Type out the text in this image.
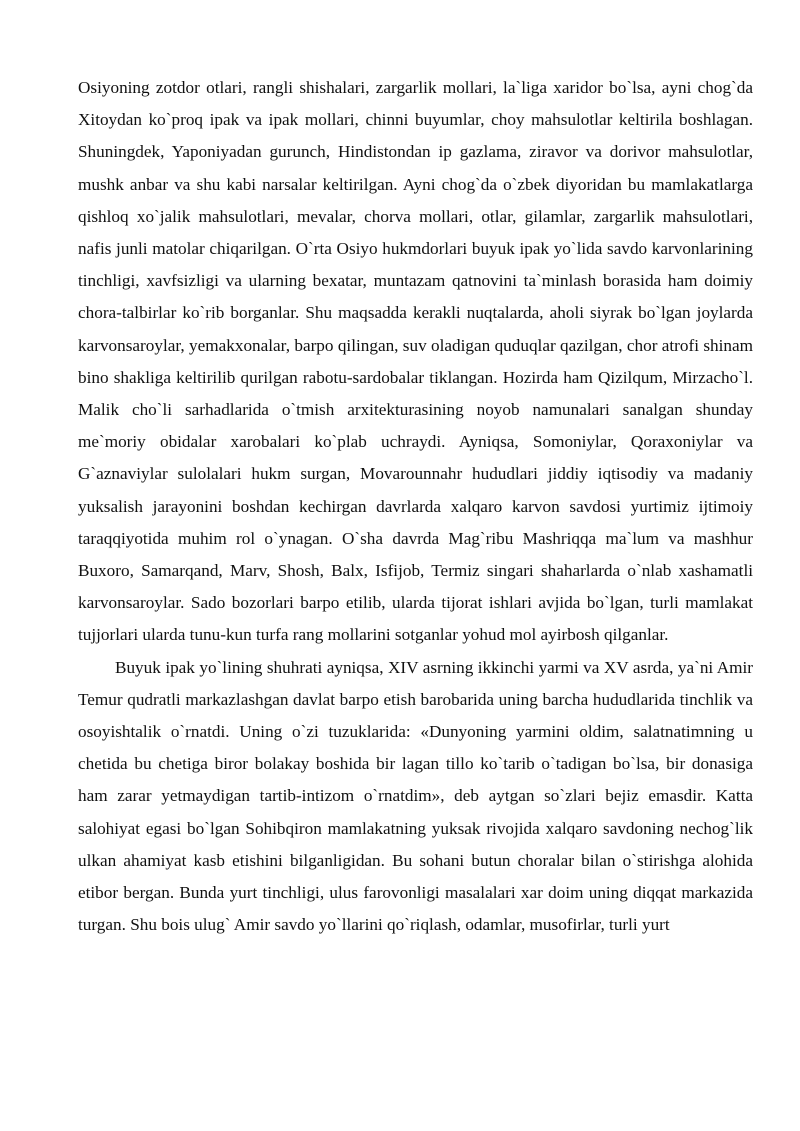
Osiyoning zotdor otlari, rangli shishalari, zargarlik mollari, la`liga xaridor bo`lsa, ayni chog`da Xitoydan ko`proq ipak va ipak mollari, chinni buyumlar, choy mahsulotlar keltirila boshlagan. Shuningdek, Yaponiyadan gurunch, Hindistondan ip gazlama, ziravor va dorivor mahsulotlar, mushk anbar va shu kabi narsalar keltirilgan. Ayni chog`da o`zbek diyoridan bu mamlakatlarga qishloq xo`jalik mahsulotlari, mevalar, chorva mollari, otlar, gilamlar, zargarlik mahsulotlari, nafis junli matolar chiqarilgan. O`rta Osiyo hukmdorlari buyuk ipak yo`lida savdo karvonlarining tinchligi, xavfsizligi va ularning bexatar, muntazam qatnovini ta`minlash borasida ham doimiy chora-talbirlar ko`rib borganlar. Shu maqsadda kerakli nuqtalarda, aholi siyrak bo`lgan joylarda karvonsaroylar, yemakxonalar, barpo qilingan, suv oladigan quduqlar qazilgan, chor atrofi shinam bino shakliga keltirilib qurilgan rabotu-sardobalar tiklangan. Hozirda ham Qizilqum, Mirzacho`l. Malik cho`li sarhadlarida o`tmish arxitekturasining noyob namunalari sanalgan shunday me`moriy obidalar xarobalari ko`plab uchraydi. Ayniqsa, Somoniylar, Qoraxoniylar va G`aznaviylar sulolalari hukm surgan, Movarounnahr hududlari jiddiy iqtisodiy va madaniy yuksalish jarayonini boshdan kechirgan davrlarda xalqaro karvon savdosi yurtimiz ijtimoiy taraqqiyotida muhim rol o`ynagan. O`sha davrda Mag`ribu Mashriqqa ma`lum va mashhur Buxoro, Samarqand, Marv, Shosh, Balx, Isfijob, Termiz singari shaharlarda o`nlab xashamatli karvonsaroylar. Sado bozorlari barpo etilib, ularda tijorat ishlari avjida bo`lgan, turli mamlakat tujjorlari ularda tunu-kun turfa rang mollarini sotganlar yohud mol ayirbosh qilganlar.

Buyuk ipak yo`lining shuhrati ayniqsa, XIV asrning ikkinchi yarmi va XV asrda, ya`ni Amir Temur qudratli markazlashgan davlat barpo etish barobarida uning barcha hududlarida tinchlik va osoyishtalik o`rnatdi. Uning o`zi tuzuklarida: «Dunyoning yarmini oldim, salatnatimning u chetida bu chetiga biror bolakay boshida bir lagan tillo ko`tarib o`tadigan bo`lsa, bir donasiga ham zarar yetmaydigan tartib-intizom o`rnatdim», deb aytgan so`zlari bejiz emasdir. Katta salohiyat egasi bo`lgan Sohibqiron mamlakatning yuksak rivojida xalqaro savdoning nechog`lik ulkan ahamiyat kasb etishini bilganligidan. Bu sohani butun choralar bilan o`stirishga alohida etibor bergan. Bunda yurt tinchligi, ulus farovonligi masalalari xar doim uning diqqat markazida turgan. Shu bois ulug` Amir savdo yo`llarini qo`riqlash, odamlar, musofirlar, turli yurt
